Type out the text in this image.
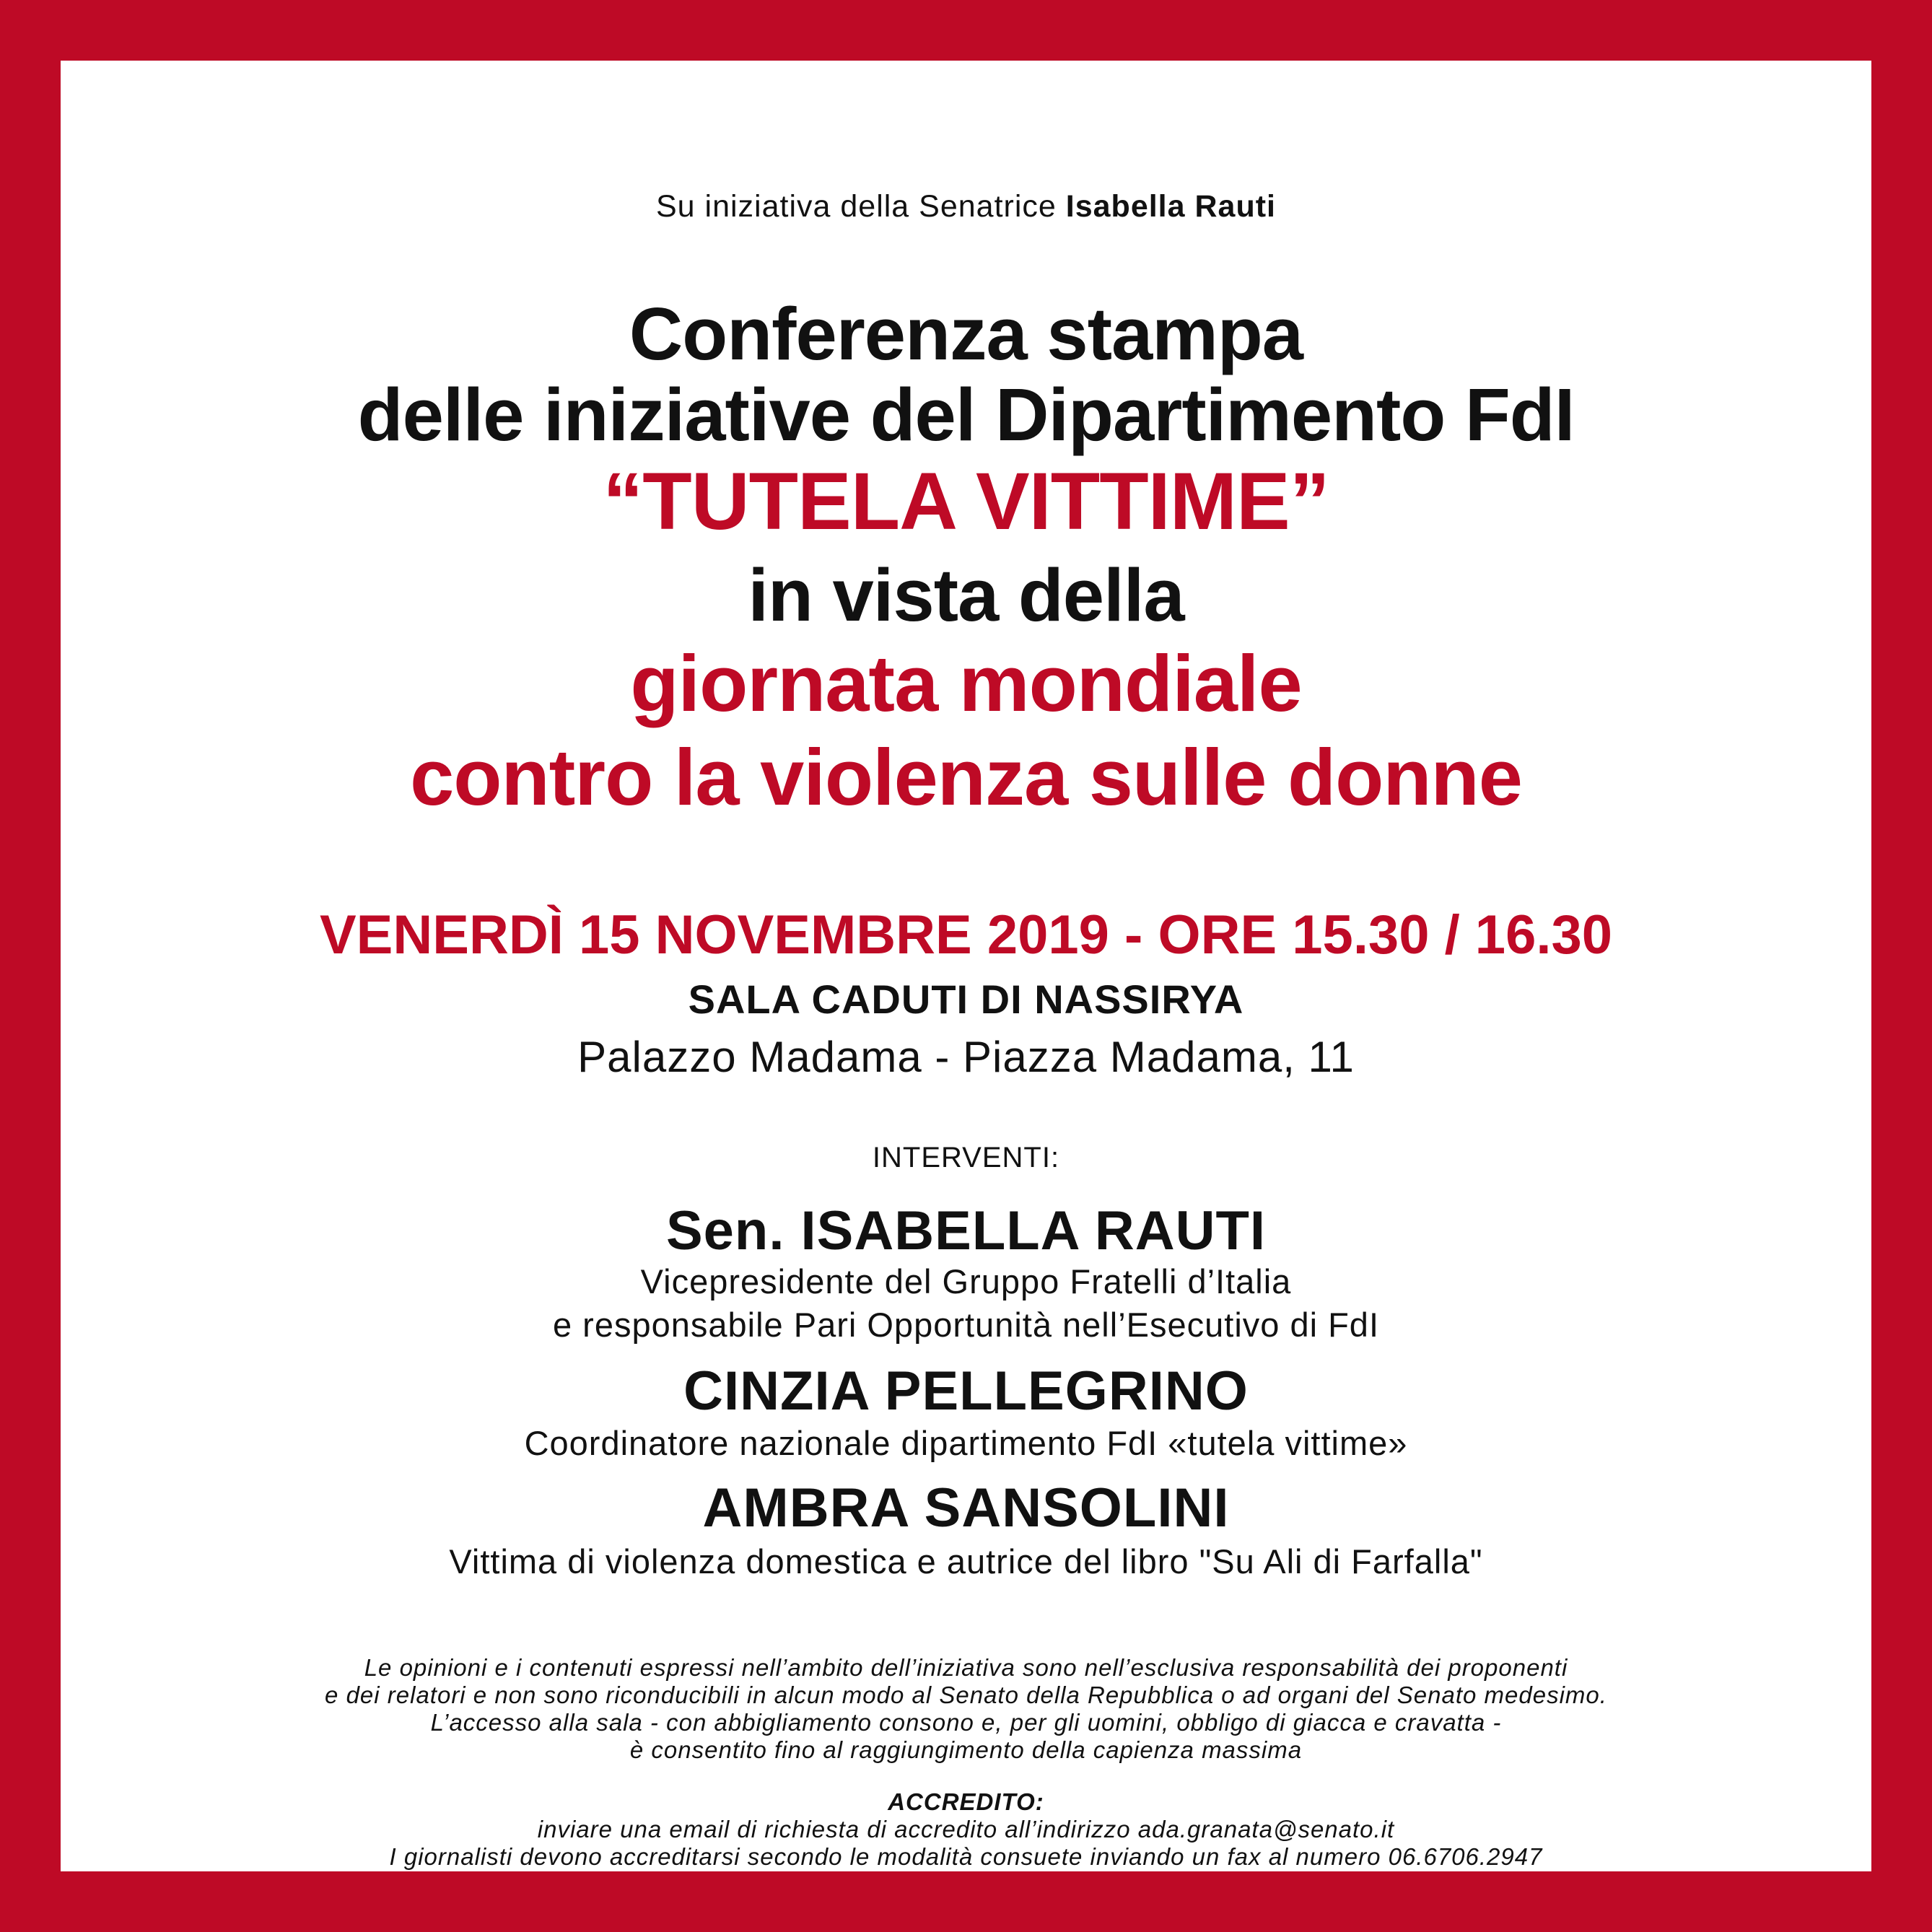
Su iniziativa della Senatrice Isabella Rauti

Conferenza stampa

delle iniziative del Dipartimento FdI

“TUTELA VITTIME”

in vista della

giornata mondiale

contro la violenza sulle donne

VENERDÌ 15 NOVEMBRE 2019 - ORE 15.30 / 16.30

SALA CADUTI DI NASSIRYA

Palazzo Madama - Piazza Madama, 11

INTERVENTI:

Sen. ISABELLA RAUTI

Vicepresidente del Gruppo Fratelli d’Italia

e responsabile Pari Opportunità nell’Esecutivo di FdI

CINZIA PELLEGRINO

Coordinatore nazionale dipartimento FdI «tutela vittime»

AMBRA SANSOLINI

Vittima di violenza domestica e autrice del libro "Su Ali di Farfalla"

Le opinioni e i contenuti espressi nell’ambito dell’iniziativa sono nell’esclusiva responsabilità dei proponenti

e dei relatori e non sono riconducibili in alcun modo al Senato della Repubblica o ad organi del Senato medesimo.

L’accesso alla sala - con abbigliamento consono e, per gli uomini, obbligo di giacca e cravatta -

è consentito fino al raggiungimento della capienza massima

ACCREDITO:

inviare una email di richiesta di accredito all’indirizzo ada.granata@senato.it

I giornalisti devono accreditarsi secondo le modalità consuete inviando un fax al numero 06.6706.2947
